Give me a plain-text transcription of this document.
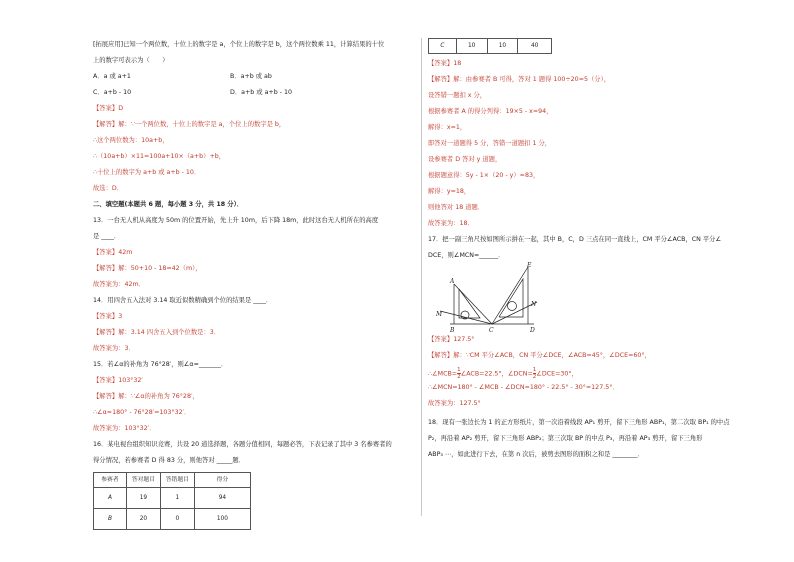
[拓展应用]已知一个两位数，十位上的数字是 a，个位上的数字是 b，这个两位数乘 11，计算结果的十位
上的数字可表示为（　　）
A．a 或 a+1	B．a+b 或 ab
C．a+b - 10	D．a+b 或 a+b - 10
【答案】D
【解答】解：∵一个两位数，十位上的数字是 a，个位上的数字是 b，
∴这个两位数为：10a+b，
∴（10a+b）×11=100a+10×（a+b）+b，
∴十位上的数字为 a+b 或 a+b - 10．
故选：D．
二、填空题(本题共 6 题，每小题 3 分，共 18 分）．
13．一台无人机从高度为 50m 的位置开始，先上升 10m，后下降 18m，此时这台无人机所在的高度
是 ____．
【答案】42m
【解答】解：50+10 - 18=42（m），
故答案为：42m．
14．用四舍五入法对 3.14 取近似数精确到个位的结果是 ____．
【答案】3
【解答】解：3.14 四舍五入到个位数是：3．
故答案为：3．
15．若∠α的补角为 76°28′，则∠α=_______．
【答案】103°32′
【解答】解：∵∠α的补角为 76°28′，
∴∠α=180° - 76°28′=103°32′．
故答案为：103°32′．
16．某电视台组织知识竞赛，共设 20 道选择题，各题分值相同，每题必答，下表记录了其中 3 名参赛者的
得分情况，若参赛者 D 得 83 分，则他答对 _____题．
参赛者	答对题目	答错题目	得分
A	19	1	94
B	20	0	100
C	10	10	40
【答案】18
【解答】解：由参赛者 B 可得，答对 1 题得 100÷20=5（分），
设答错一题扣 x 分，
根据参赛者 A 的得分列得：19×5 - x=94，
解得：x=1，
即答对一道题得 5 分，答错一道题扣 1 分，
设参赛者 D 答对 y 道题，
根据题意得：5y - 1×（20 - y）=83，
解得：y=18，
则他答对 18 道题．
故答案为：18．
17．把一副三角尺按如图所示拼在一起，其中 B，C，D 三点在同一直线上，CM 平分∠ACB，CN 平分∠
DCE，则∠MCN=______．
A
E
M
N
B	C	D
【答案】127.5°
【解答】解：∵CM 平分∠ACB，CN 平分∠DCE，∠ACB=45°，∠DCE=60°，
∴∠MCB= $\frac{1}{2}$ ∠ACB=22.5°，∠DCN= $\frac{1}{2}$ ∠DCE=30°，
∴∠MCN=180° - ∠MCB - ∠DCN=180° - 22.5° - 30°=127.5°．
故答案为：127.5°
18．现有一张边长为 1 的正方形纸片，第一次沿着线段 AP₁ 剪开，留下三角形 ABP₁，第二次取 BP₁ 的中点
P₂，再沿着 AP₂ 剪开，留下三角形 ABP₂；第三次取 BP 的中点 P₃，再沿着 AP₃ 剪开，留下三角形
ABP₃ ⋯，如此进行下去，在第 n 次后，被剪去图形的面积之和是 ________．
